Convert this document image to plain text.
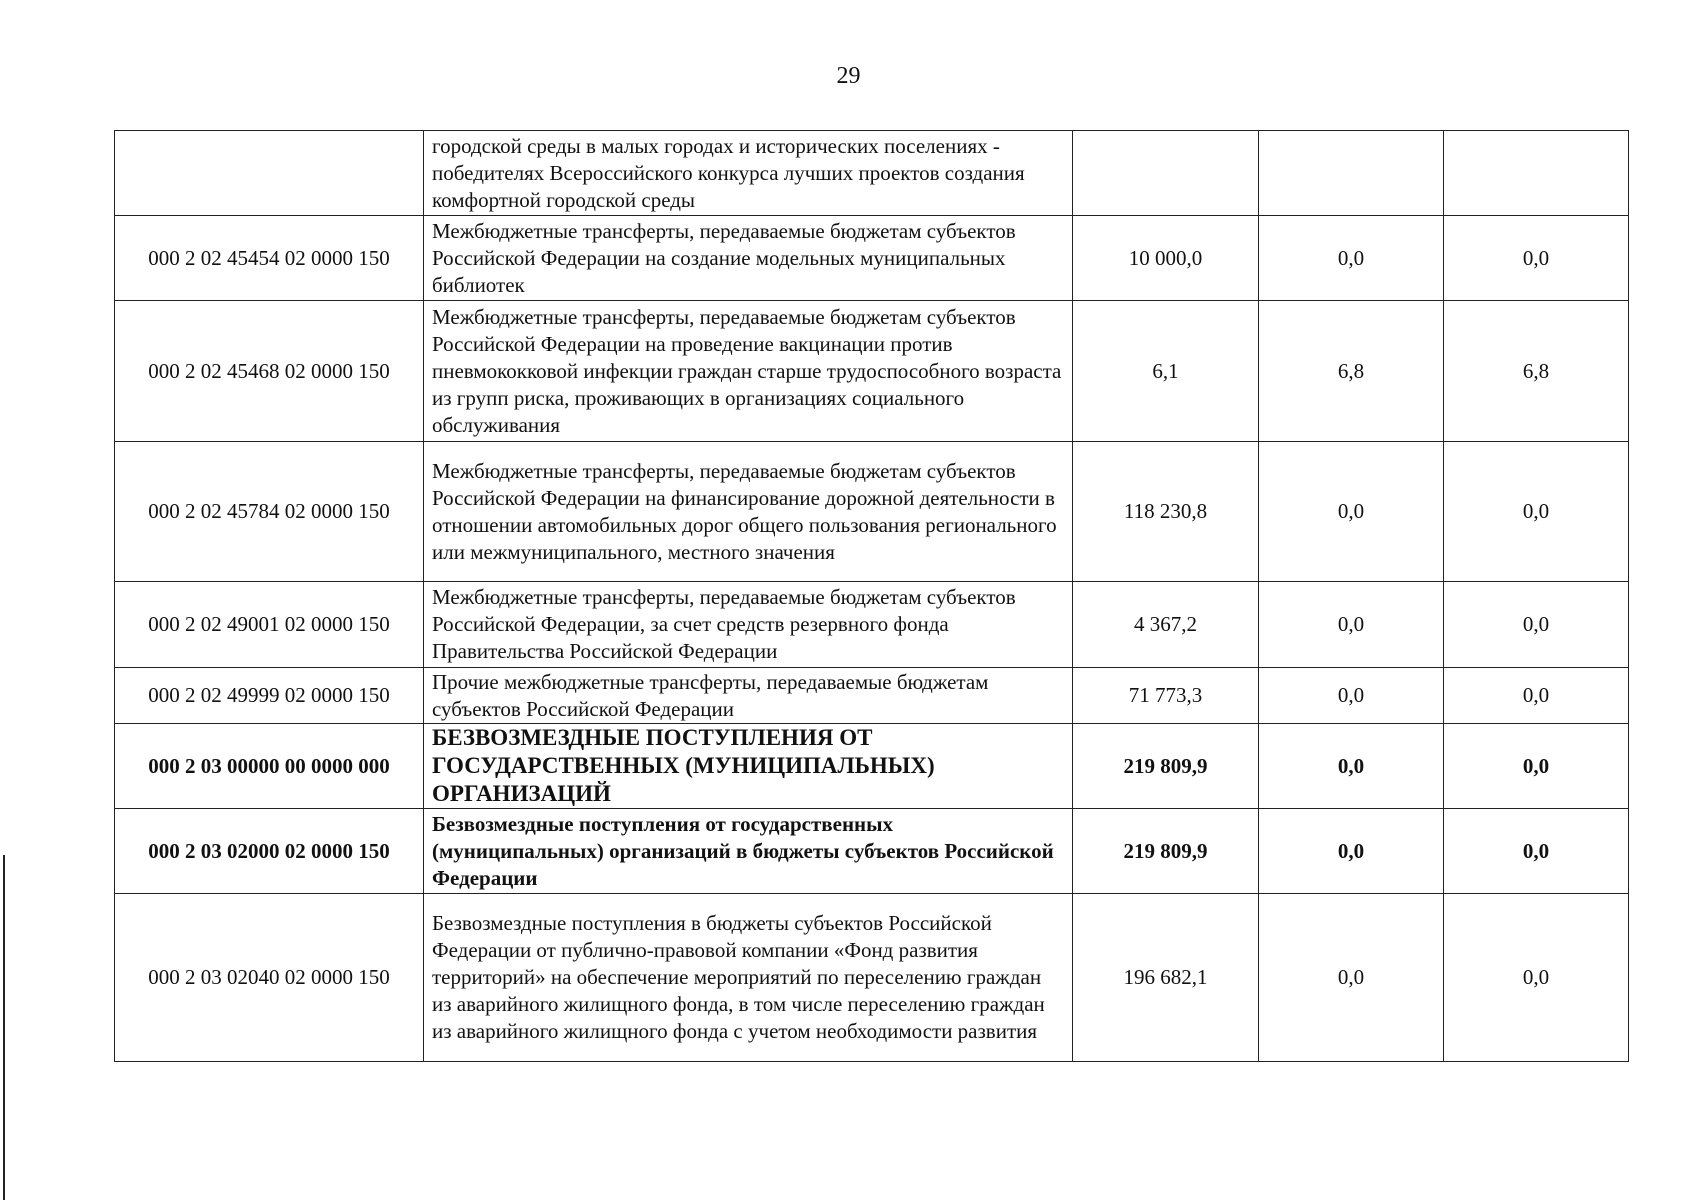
29
	городской среды в малых городах и исторических поселениях - победителях Всероссийского конкурса лучших проектов создания комфортной городской среды			
000 2 02 45454 02 0000 150	Межбюджетные трансферты, передаваемые бюджетам субъектов Российской Федерации на создание модельных муниципальных библиотек	10 000,0	0,0	0,0
000 2 02 45468 02 0000 150	Межбюджетные трансферты, передаваемые бюджетам субъектов Российской Федерации на проведение вакцинации против пневмококковой инфекции граждан старше трудоспособного возраста из групп риска, проживающих в организациях социального обслуживания	6,1	6,8	6,8
000 2 02 45784 02 0000 150	Межбюджетные трансферты, передаваемые бюджетам субъектов Российской Федерации на финансирование дорожной деятельности в отношении автомобильных дорог общего пользования регионального или межмуниципального, местного значения	118 230,8	0,0	0,0
000 2 02 49001 02 0000 150	Межбюджетные трансферты, передаваемые бюджетам субъектов Российской Федерации, за счет средств резервного фонда Правительства Российской Федерации	4 367,2	0,0	0,0
000 2 02 49999 02 0000 150	Прочие межбюджетные трансферты, передаваемые бюджетам субъектов Российской Федерации	71 773,3	0,0	0,0
000 2 03 00000 00 0000 000	БЕЗВОЗМЕЗДНЫЕ ПОСТУПЛЕНИЯ ОТ ГОСУДАРСТВЕННЫХ (МУНИЦИПАЛЬНЫХ) ОРГАНИЗАЦИЙ	219 809,9	0,0	0,0
000 2 03 02000 02 0000 150	Безвозмездные поступления от государственных (муниципальных) организаций в бюджеты субъектов Российской Федерации	219 809,9	0,0	0,0
000 2 03 02040 02 0000 150	Безвозмездные поступления в бюджеты субъектов Российской Федерации от публично-правовой компании «Фонд развития территорий» на обеспечение мероприятий по переселению граждан из аварийного жилищного фонда, в том числе переселению граждан из аварийного жилищного фонда с учетом необходимости развития	196 682,1	0,0	0,0
